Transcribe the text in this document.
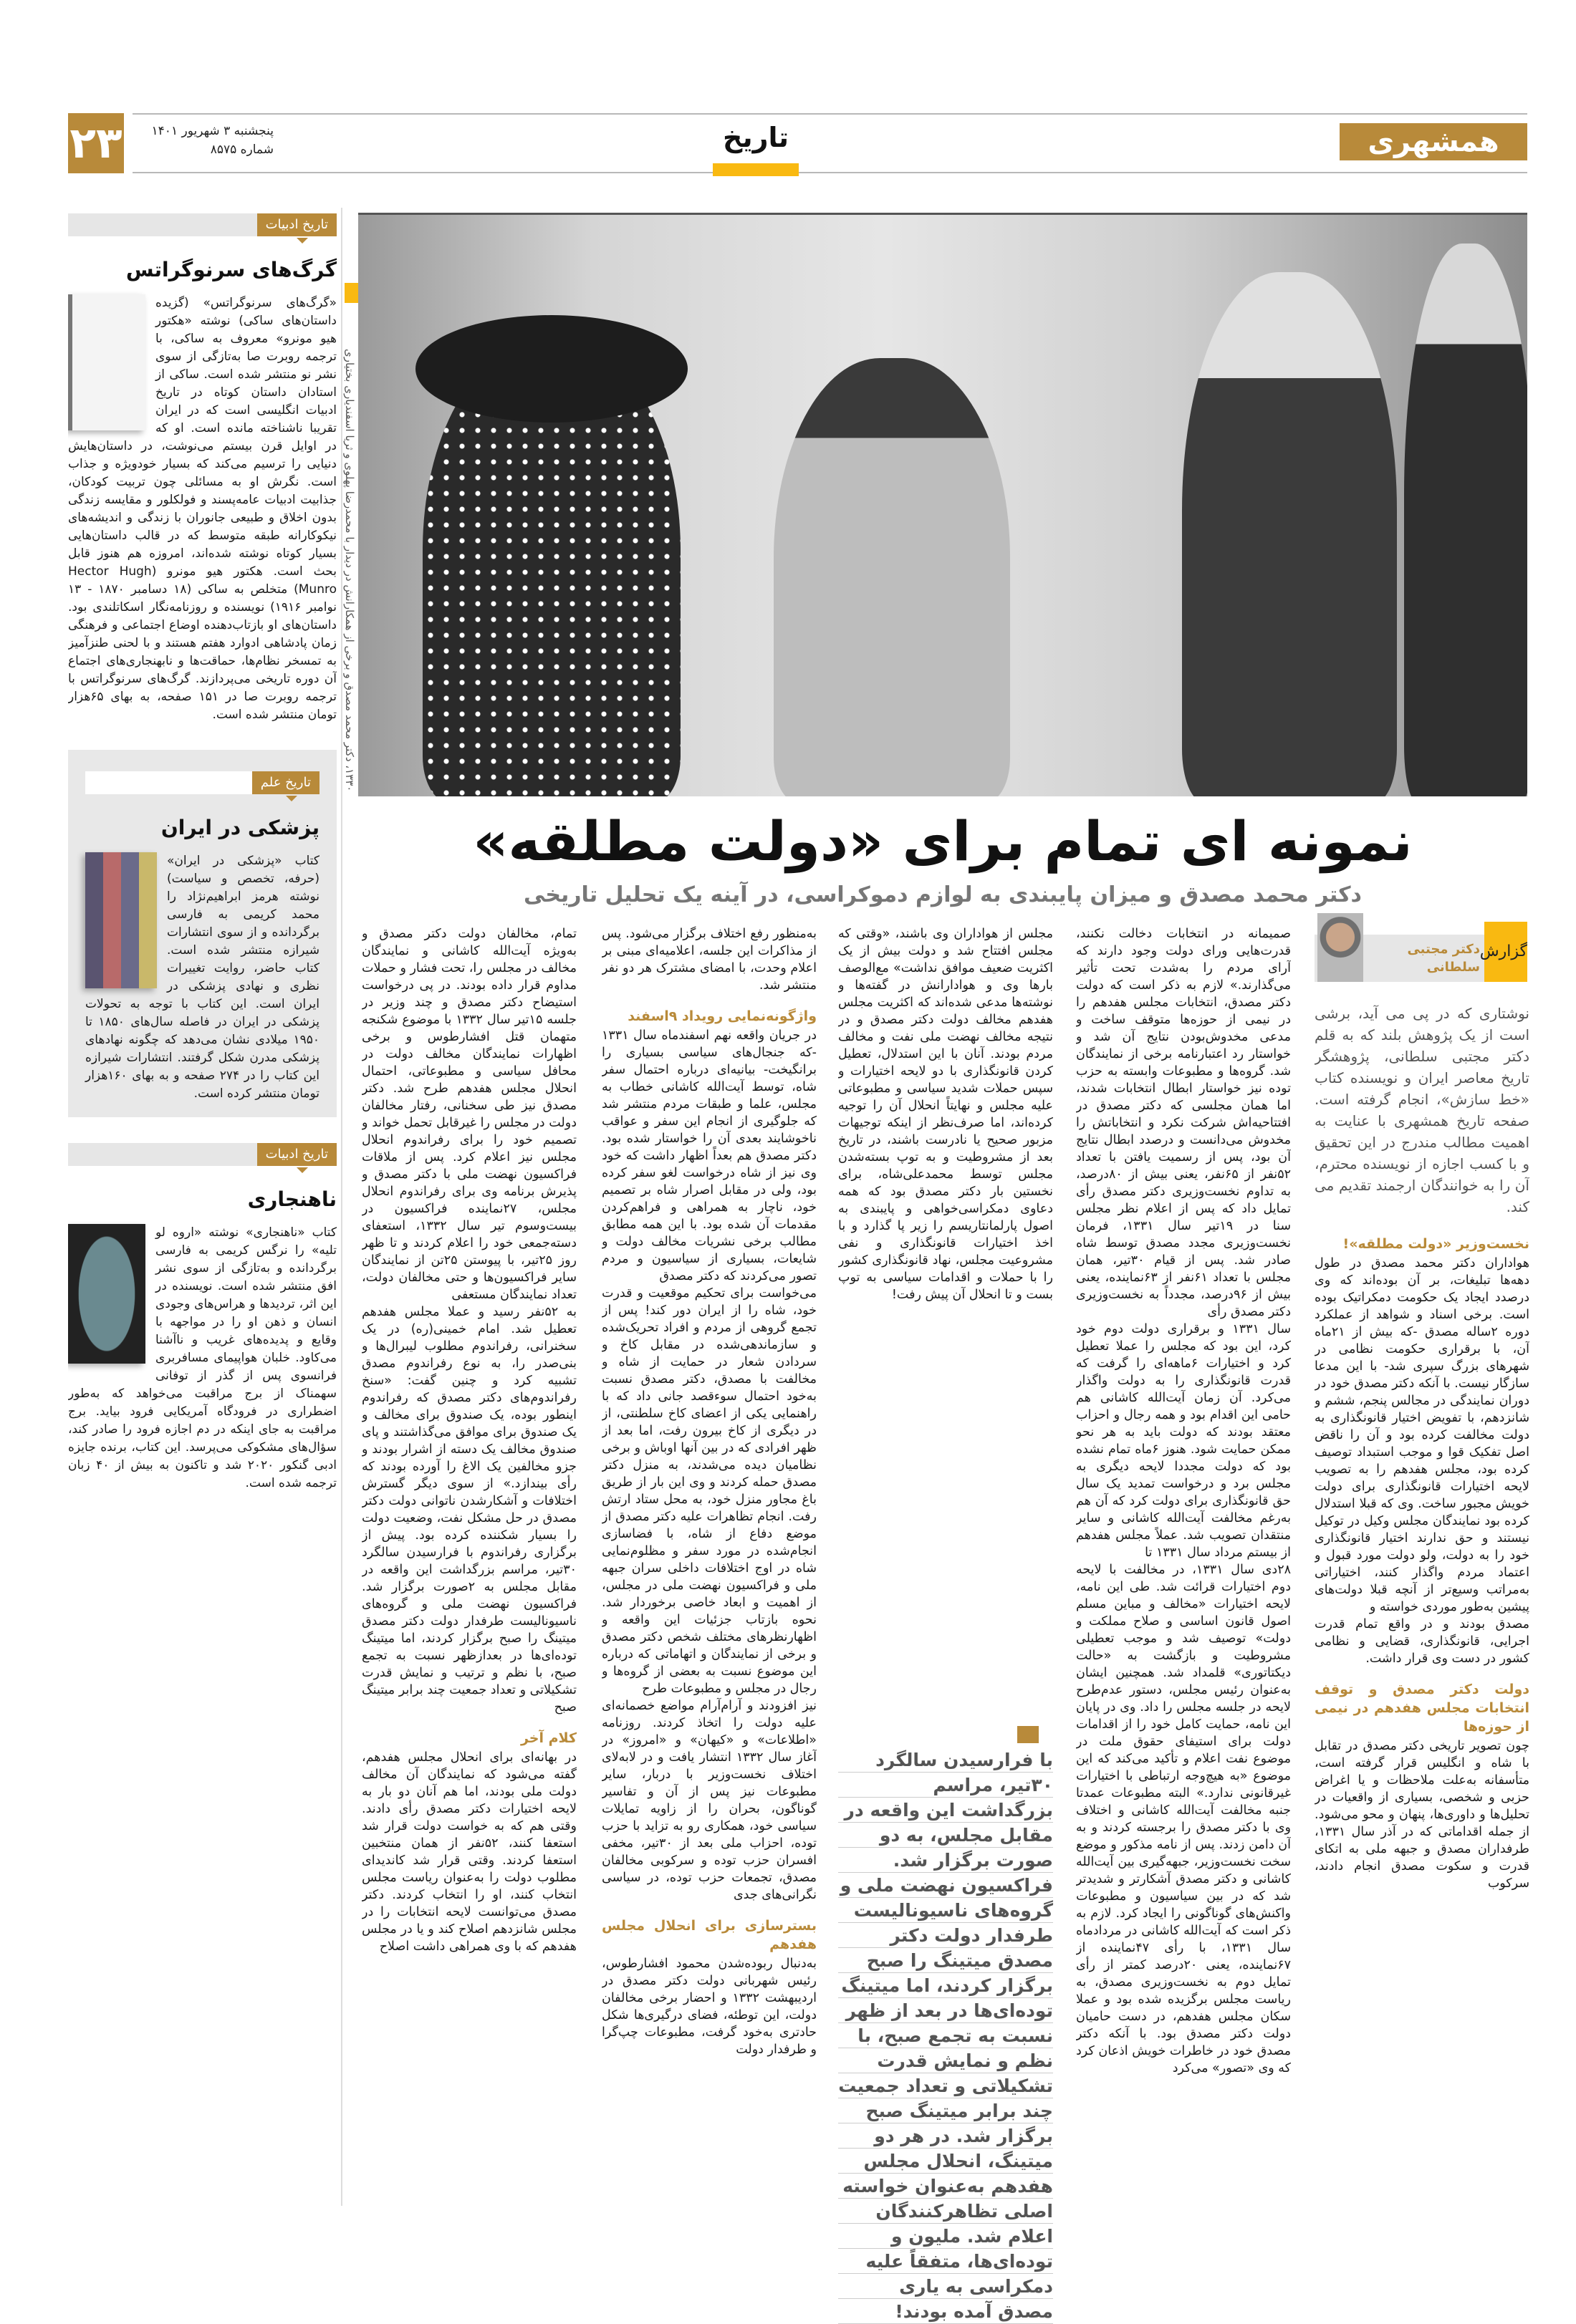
همشهری
۲۳	پنجشنبه ۳ شهریور ۱۴۰۱
شماره ۸۵۷۵	تاریخ
تاریخ ادبیات
گرگ‌های سرنوگراتس
«گرگ‌های سرنوگراتس» (گزیده داستان‌های ساکی) نوشته «هکتور هیو مونرو» معروف به ساکی، با ترجمه روبرت صا به‌تازگی از سوی نشر نو منتشر شده است. ساکی از استادان داستان کوتاه در تاریخ ادبیات انگلیسی است که در ایران تقریبا ناشناخته مانده است. او که در اوایل قرن بیستم می‌نوشت، در داستان‌هایش دنیایی را ترسیم می‌کند که بسیار خودویژه و جذاب است. نگرش او به مسائلی چون تربیت کودکان، جذابیت ادبیات عامه‌پسند و فولکلور و مقایسه زندگی بدون اخلاق و طبیعی جانوران با زندگی و اندیشه‌های نیکوکارانه طبقه متوسط که در قالب داستان‌هایی بسیار کوتاه نوشته شده‌اند، امروزه هم هنوز قابل بحث است. هکتور هیو مونرو (Hector Hugh Munro) متخلص به ساکی (۱۸ دسامبر ۱۸۷۰ - ۱۳ نوامبر ۱۹۱۶) نویسنده و روزنامه‌نگار اسکاتلندی بود. داستان‌های او بازتاب‌دهنده اوضاع اجتماعی و فرهنگی زمان پادشاهی ادوارد هفتم هستند و با لحنی طنزآمیز به تمسخر نظام‌ها، حماقت‌ها و نابهنجاری‌های اجتماع آن دوره تاریخی می‌پردازند. گرگ‌های سرنوگراتس با ترجمه روبرت صا در ۱۵۱ صفحه، به بهای ۶۵هزار تومان منتشر شده است.
تاریخ علم
پزشکی در ایران
کتاب «پزشکی در ایران» (حرفه، تخصص و سیاست) نوشته هرمز ابراهیم‌نژاد را محمد کریمی به فارسی برگردانده و از سوی انتشارات شیرازه منتشر شده است. کتاب حاضر، روایت تغییرات نظری و نهادی پزشکی در ایران است. این کتاب با توجه به تحولات پزشکی در ایران در فاصله سال‌های ۱۸۵۰ تا ۱۹۵۰ میلادی نشان می‌دهد که چگونه نهادهای پزشکی مدرن شکل گرفتند. انتشارات شیرازه این کتاب را در ۲۷۴ صفحه و به بهای ۱۶۰هزار تومان منتشر کرده است.
تاریخ ادبیات
ناهنجاری
کتاب «ناهنجاری» نوشته «اروه لو تلیه» را نرگس کریمی به فارسی برگردانده و به‌تازگی از سوی نشر افق منتشر شده است. نویسنده در این اثر، تردیدها و هراس‌های وجودی انسان و ذهن او را در مواجهه با وقایع و پدیده‌های غریب و ناآشنا می‌کاود. خلبان هواپیمای مسافربری فرانسوی پس از گذر از توفانی سهمناک از برج مراقبت می‌خواهد که به‌طور اضطراری در فرودگاه آمریکایی فرود بیاید. برج مراقبت به جای اینکه در دم اجازه فرود را صادر کند، سؤال‌های مشکوکی می‌پرسد. این کتاب، برنده جایزه ادبی گنکور ۲۰۲۰ شد و تاکنون به بیش از ۴۰ زبان ترجمه شده است.
۱۳۳۰، دکتر محمد مصدق و برخی از همکارانش در دیدار با محمدرضا پهلوی و ثریا اسفندیاری بختیاری
نمونه ای تمام برای «دولت مطلقه»
دکتر محمد مصدق و میزان پایبندی به لوازم دموکراسی، در آینه یک تحلیل تاریخی
گزارش
دکتر مجتبی سلطانی
نوشتاری که در پی می آید، برشی است از یک پژوهش بلند که به قلم دکتر مجتبی سلطانی، پژوهشگر تاریخ معاصر ایران و نویسنده کتاب «خط سازش»، انجام گرفته است. صفحه تاریخ همشهری با عنایت به اهمیت مطالب مندرج در این تحقیق و با کسب اجازه از نویسنده محترم، آن را به خوانندگان ارجمند تقدیم می کند.
نخست‌وزیر «دولت مطلقه»!

هواداران دکتر محمد مصدق در طول دهه‌ها تبلیغات، بر آن بوده‌اند که وی درصدد ایجاد یک حکومت دمکراتیک بوده است. برخی اسناد و شواهد از عملکرد دوره ۲ساله مصدق -که بیش از ۲۱ماه آن، با برقراری حکومت نظامی در شهرهای بزرگ سپری شد- با این مدعا سازگار نیست. با آنکه دکتر مصدق خود در دوران نمایندگی در مجالس پنجم، ششم و شانزدهم، با تفویض اختیار قانونگذاری به دولت مخالفت کرده بود و آن را ناقض اصل تفکیک قوا و موجب استبداد توصیف کرده بود، مجلس هفدهم را به تصویب لایحه اختیارات قانونگذاری برای دولت خویش مجبور ساخت. وی که قبلا استدلال کرده بود نمایندگان مجلس وکیل در توکیل نیستند و حق ندارند اختیار قانونگذاری خود را به دولت، ولو دولت مورد قبول و اعتماد مردم واگذار کنند، اختیاراتی به‌مراتب وسیع‌تر از آنچه قبلا دولت‌های پیشین به‌طور موردی خواسته و

مصدق بودند و در واقع تمام قدرت اجرایی، قانونگذاری، قضایی و نظامی کشور در دست وی قرار داشت.

دولت دکتر مصدق و توقف انتخابات مجلس هفدهم در نیمی از حوزه‌ها

چون تصویر تاریخی دکتر مصدق در تقابل با شاه و انگلیس قرار گرفته است، متأسفانه به‌علت ملاحظات و یا اغراض حزبی و شخصی، بسیاری از واقعیات در تحلیل‌ها و داوری‌ها، پنهان و محو می‌شود. از جمله اقداماتی که در آذر سال ۱۳۳۱، طرفداران مصدق و جبهه ملی به اتکای قدرت و سکوت مصدق انجام دادند، سرکوب

صمیمانه در انتخابات دخالت نکنند، قدرت‌هایی ورای دولت وجود دارند که آرای مردم را به‌شدت تحت تأثیر می‌گذارند.» لازم به ذکر است که دولت دکتر مصدق، انتخابات مجلس هفدهم را در نیمی از حوزه‌ها متوقف ساخت و مدعی مخدوش‌بودن نتایج آن شد و خواستار رد اعتبارنامه برخی از نمایندگان شد. گروه‌ها و مطبوعات وابسته به حزب توده نیز خواستار ابطال انتخابات شدند، اما همان مجلسی که دکتر مصدق در افتتاحیه‌اش شرکت نکرد و انتخاباتش را مخدوش می‌دانست و درصدد ابطال نتایج آن بود، پس از رسمیت یافتن با تعداد ۵۲نفر از ۶۵نفر، یعنی بیش از ۸۰درصد، به تداوم نخست‌وزیری دکتر مصدق رأی تمایل داد که پس از اعلام نظر مجلس سنا در ۱۹تیر سال ۱۳۳۱، فرمان نخست‌وزیری مجدد مصدق توسط شاه صادر شد. پس از قیام ۳۰تیر، همان مجلس با تعداد ۶۱نفر از ۶۳نماینده، یعنی بیش از ۹۶درصد، مجدداً به نخست‌وزیری دکتر مصدق رأی

سال ۱۳۳۱ و برقراری دولت دوم خود کرد، این بود که مجلس را عملا تعطیل کرد و اختیارات ۶ماهه‌ای را گرفت که قدرت قانونگذاری را به دولت واگذار می‌کرد. آن زمان آیت‌الله کاشانی هم حامی این اقدام بود و همه رجال و احزاب معتقد بودند که دولت باید به هر نحو ممکن حمایت شود. هنوز ۶ماه تمام نشده بود که دولت مجددا لایحه دیگری به مجلس برد و درخواست تمدید یک سال حق قانونگذاری برای دولت کرد که آن هم به‌رغم مخالفت آیت‌الله کاشانی و سایر منتقدان تصویب شد. عملاً مجلس هفدهم از بیستم مرداد سال ۱۳۳۱ تا

۲۸دی سال ۱۳۳۱، در مخالفت با لایحه دوم اختیارات قرائت شد. طی این نامه، لایحه اختیارات «مخالف و مباین مسلم اصول قانون اساسی و صلاح مملکت و دولت» توصیف شد و موجب تعطیلی مشروطیت و بازگشت به «حالت دیکتاتوری» قلمداد شد. همچنین ایشان به‌عنوان رئیس مجلس، دستور عدم‌طرح لایحه در جلسه مجلس را داد. وی در پایان این نامه، حمایت کامل خود را از اقدامات دولت برای استیفای حقوق ملت در موضوع نفت اعلام و تأکید می‌کند که این موضوع «به هیچ‌وجه ارتباطی با اختیارات غیرقانونی ندارد.» البته مطبوعات عمدتا جنبه مخالفت آیت‌الله کاشانی و اختلاف وی با دکتر مصدق را برجسته کردند و به آن دامن زدند. پس از نامه مذکور و موضع سخت نخست‌وزیر، جبهه‌گیری بین آیت‌الله کاشانی و دکتر مصدق آشکارتر و شدیدتر شد که در بین سیاسیون و مطبوعات واکنش‌های گوناگونی را ایجاد کرد. لازم به ذکر است که آیت‌الله کاشانی در مردادماه سال ۱۳۳۱، با رأی ۴۷نماینده از ۶۷نماینده، یعنی ۲۰درصد کمتر از رأی تمایل دوم به نخست‌وزیری مصدق، به ریاست مجلس برگزیده شده بود و عملا سکان مجلس هفدهم، در دست حامیان دولت دکتر مصدق بود. با آنکه دکتر مصدق خود در خاطرات خویش اذعان کرد که وی «تصور» می‌کرد

مجلس از هواداران وی باشند، «وقتی که مجلس افتتاح شد و دولت بیش از یک اکثریت ضعیف موافق نداشت» مع‌الوصف بارها وی و هوادارانش در گفته‌ها و نوشته‌ها مدعی شده‌اند که اکثریت مجلس هفدهم مخالف دولت دکتر مصدق و در نتیجه مخالف نهضت ملی نفت و مخالف مردم بودند. آنان با این استدلال، تعطیل کردن قانونگذاری با دو لایحه اختیارات و سپس حملات شدید سیاسی و مطبوعاتی علیه مجلس و نهایتاً انحلال آن را توجیه کرده‌اند، اما صرف‌نظر از اینکه توجیهات مزبور صحیح یا نادرست باشند، در تاریخ بعد از مشروطیت و به توپ بسته‌شدن مجلس توسط محمدعلی‌شاه، برای نخستین بار دکتر مصدق بود که همه دعاوی دمکراسی‌خواهی و پایبندی به اصول پارلمانتاریسم را زیر پا گذارد و با اخذ اختیارات قانونگذاری و نفی مشروعیت مجلس، نهاد قانونگذاری کشور را با حملات و اقدامات سیاسی به توپ بست و تا انحلال آن پیش رفت!

به‌منظور رفع اختلاف برگزار می‌شود. پس از مذاکرات این جلسه، اعلامیه‌ای مبنی بر اعلام وحدت، با امضای مشترک هر دو نفر منتشر شد.

واژگونه‌نمایی رویداد ۹اسفند

در جریان واقعه نهم اسفندماه سال ۱۳۳۱ -که جنجال‌های سیاسی بسیاری را برانگیخت- بیانیه‌ای درباره احتمال سفر شاه، توسط آیت‌الله کاشانی خطاب به مجلس، علما و طبقات مردم منتشر شد که جلوگیری از انجام این سفر و عواقب ناخوشایند بعدی آن را خواستار شده بود. دکتر مصدق هم بعداً اظهار داشت که خود وی نیز از شاه درخواست لغو سفر کرده بود، ولی در مقابل اصرار شاه بر تصمیم خود، ناچار به همراهی و فراهم‌کردن مقدمات آن شده بود. با این همه مطابق مطالب برخی نشریات مخالف دولت و شایعات، بسیاری از سیاسیون و مردم تصور می‌کردند که دکتر مصدق

می‌خواست برای تحکیم موقعیت و قدرت خود، شاه را از ایران دور کند! پس از تجمع گروهی از مردم و افراد تحریک‌شده و سازماندهی‌شده در مقابل کاخ و سردادن شعار در حمایت از شاه و مخالفت با مصدق، دکتر مصدق نسبت به‌خود احتمال سوءقصد جانی داد که با راهنمایی یکی از اعضای کاخ سلطنتی، از در دیگری از کاخ بیرون رفت، اما بعد از ظهر افرادی که در بین آنها اوباش و برخی نظامیان دیده می‌شدند، به منزل دکتر مصدق حمله کردند و وی این بار از طریق باغ مجاور منزل خود، به محل ستاد ارتش رفت. انجام تظاهرات علیه دکتر مصدق از موضع دفاع از شاه، با فضاسازی انجام‌شده در مورد سفر و مظلوم‌نمایی شاه در اوج اختلافات داخلی سران جبهه ملی و فراکسیون نهضت ملی در مجلس، از اهمیت و ابعاد خاصی برخوردار شد. نحوه بازتاب جزئیات این واقعه و اظهارنظرهای مختلف شخص دکتر مصدق و برخی از نمایندگان و اتهاماتی که درباره این موضوع نسبت به بعضی از گروه‌ها و رجال در مجلس و مطبوعات طرح

نیز افزودند و آرام‌آرام مواضع خصمانه‌ای علیه دولت را اتخاذ کردند. روزنامه «اطلاعات» و «کیهان» و «امروز» در آغاز سال ۱۳۳۲ انتشار یافت و در لابه‌لای اختلاف نخست‌وزیر با دربار، سایر مطبوعات نیز پس از آن و تفاسیر گوناگون، بحران را از زاویه تمایلات سیاسی خود، همکاری رو به تزاید با حزب توده، احزاب ملی بعد از ۳۰تیر، مخفی افسران حزب توده و سرکوبی مخالفان مصدق، تجمعات حزب توده، در سیاسی نگرانی‌های جدی

بسترسازی برای انحلال مجلس هفدهم

به‌دنبال ربوده‌شدن محمود افشارطوس، رئیس شهربانی دولت دکتر مصدق در اردیبهشت ۱۳۳۲ و احضار برخی مخالفان دولت، این توطئه، فضای درگیری‌ها شکل حادتری به‌خود گرفت، مطبوعات چپ‌گرا و طرفدار دولت

تمام، مخالفان دولت دکتر مصدق و به‌ویژه آیت‌الله کاشانی و نمایندگان مخالف در مجلس را، تحت فشار و حملات مداوم قرار داده بودند. در پی درخواست استیضاح دکتر مصدق و چند وزیر در جلسه ۱۵تیر سال ۱۳۳۲ با موضوع شکنجه متهمان قتل افشارطوس و برخی اظهارات نمایندگان مخالف دولت در محافل سیاسی و مطبوعاتی، احتمال انحلال مجلس هفدهم طرح شد. دکتر مصدق نیز طی سخنانی، رفتار مخالفان دولت در مجلس را غیرقابل تحمل خواند و تصمیم خود را برای رفراندوم انحلال مجلس نیز اعلام کرد. پس از ملاقات فراکسیون نهضت ملی با دکتر مصدق و پذیرش برنامه وی برای رفراندوم انحلال مجلس، ۲۷نماینده فراکسیون در بیست‌وسوم تیر سال ۱۳۳۲، استعفای دسته‌جمعی خود را اعلام کردند و تا ظهر روز ۲۵تیر، با پیوستن ۲۵تن از نمایندگان سایر فراکسیون‌ها و حتی مخالفان دولت، تعداد نمایندگان مستعفی

به ۵۲نفر رسید و عملا مجلس هفدهم تعطیل شد. امام خمینی(ره) در یک سخنرانی، رفراندوم مطلوب لیبرال‌ها و بنی‌صدر را، به نوع رفراندوم مصدق تشبیه کرد و چنین گفت: «سنخ رفراندوم‌های دکتر مصدق که رفراندوم اینطور بوده، یک صندوق برای مخالف و یک صندوق برای موافق می‌گذاشتند و پای صندوق مخالف یک دسته از اشرار بودند و جزو مخالفین یک الاغ را آورده بودند که رأی بیندازد.» از سوی دیگر گسترش اختلافات و آشکارشدن ناتوانی دولت دکتر مصدق در حل مشکل نفت، وضعیت دولت را بسیار شکننده کرده بود. پیش از برگزاری رفراندوم با فرارسیدن سالگرد ۳۰تیر، مراسم بزرگداشت این واقعه در مقابل مجلس به ۲صورت برگزار شد. فراکسیون نهضت ملی و گروه‌های ناسیونالیست طرفدار دولت دکتر مصدق میتینگ را صبح برگزار کردند، اما میتینگ توده‌ای‌ها در بعدازظهر نسبت به تجمع صبح، با نظم و ترتیب و نمایش قدرت تشکیلاتی و تعداد جمعیت چند برابر میتینگ صبح

کلام آخر

در بهانه‌ای برای انحلال مجلس هفدهم، گفته می‌شود که نمایندگان آن مخالف دولت ملی بودند، اما هم آنان دو بار به لایحه اختیارات دکتر مصدق رأی دادند. وقتی هم که به خواست دولت قرار شد استعفا کنند، ۵۲نفر از همان منتخبین استعفا کردند. وقتی قرار شد کاندیدای مطلوب دولت را به‌عنوان ریاست مجلس انتخاب کنند، او را انتخاب کردند. دکتر مصدق می‌توانست لایحه انتخابات را در مجلس شانزدهم اصلاح کند و یا در مجلس هفدهم که با وی همراهی داشت اصلاح

با فرارسیدن سالگرد ۳۰تیر، مراسم بزرگداشت این واقعه در مقابل مجلس، به دو صورت برگزار شد. فراکسیون نهضت ملی و گروه‌های ناسیونالیست طرفدار دولت دکتر مصدق میتینگ را صبح برگزار کردند، اما میتینگ توده‌ای‌ها در بعد از ظهر نسبت به تجمع صبح، با نظم و نمایش قدرت تشکیلاتی و تعداد جمعیت چند برابر میتینگ صبح برگزار شد. در هر دو میتینگ، انحلال مجلس هفدهم به‌عنوان خواسته اصلی تظاهرکنندگان اعلام شد. ملیون و توده‌ای‌ها، متفقاً علیه دمکراسی به یاری مصدق آمده بودند!
